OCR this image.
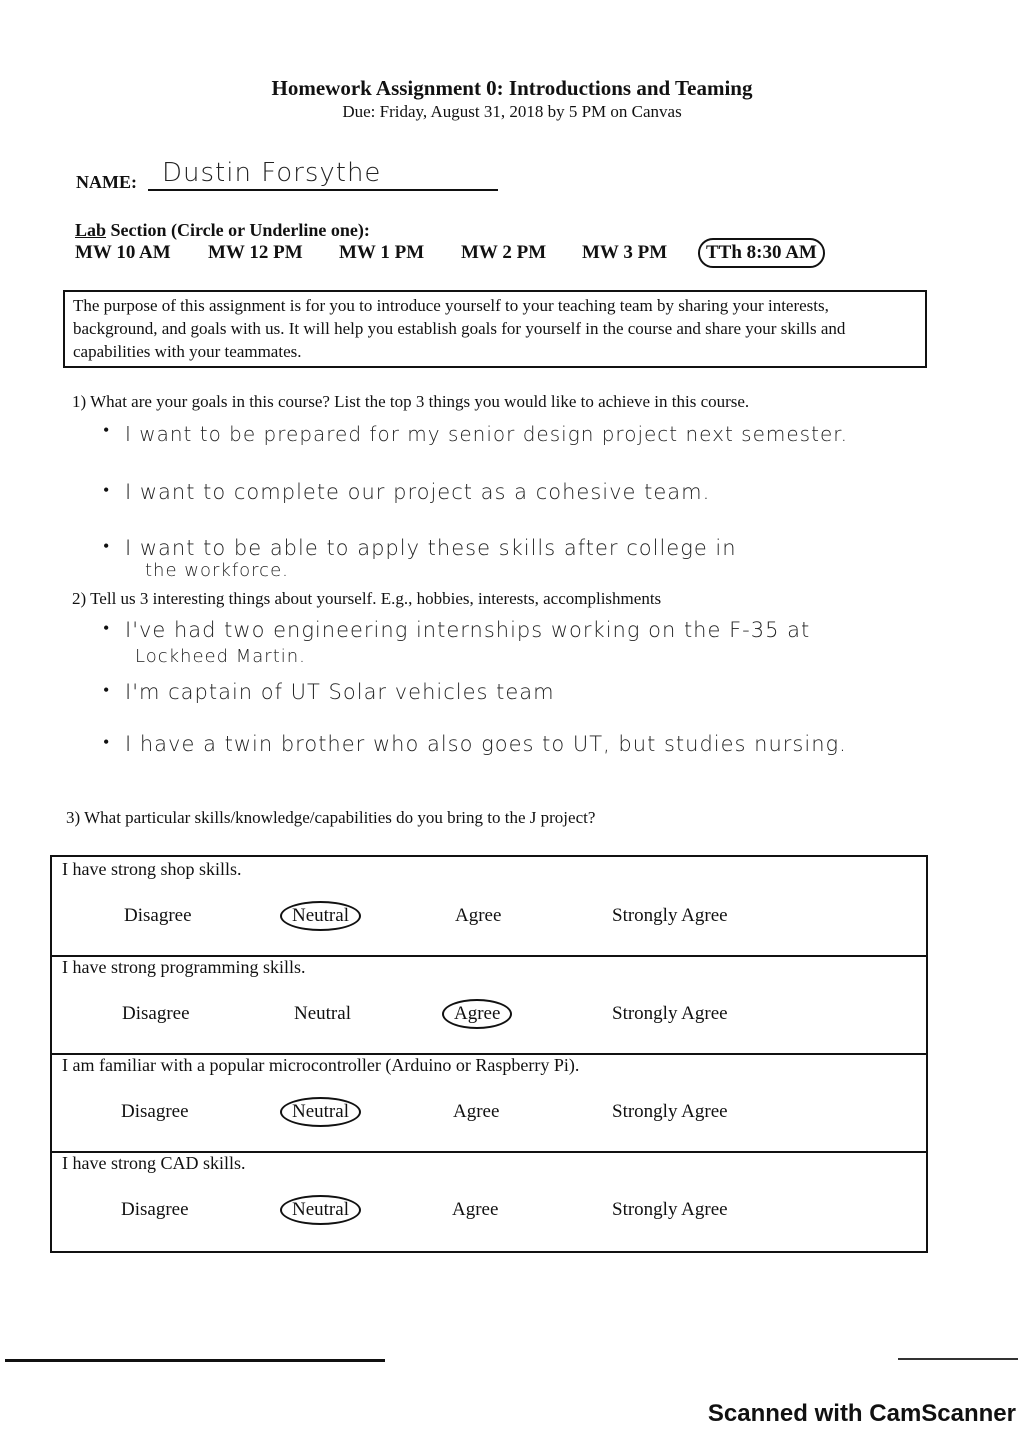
Homework Assignment 0: Introductions and Teaming
Due: Friday, August 31, 2018 by 5 PM on Canvas
NAME: Dustin Forsythe
Lab Section (Circle or Underline one):
MW 10 AM MW 12 PM MW 1 PM MW 2 PM MW 3 PM	TTh 8:30 AM
The purpose of this assignment is for you to introduce yourself to your teaching team by sharing your interests, background, and goals with us. It will help you establish goals for yourself in the course and share your skills and capabilities with your teammates.
1) What are your goals in this course? List the top 3 things you would like to achieve in this course.
• I want to be prepared for my senior design project next semester.
• I want to complete our project as a cohesive team.
• I want to be able to apply these skills after college in
the workforce.
2) Tell us 3 interesting things about yourself. E.g., hobbies, interests, accomplishments
• I've had two engineering internships working on the F-35 at
Lockheed Martin.
• I'm captain of UT Solar vehicles team
• I have a twin brother who also goes to UT, but studies nursing.
3) What particular skills/knowledge/capabilities do you bring to the J project?
I have strong shop skills.
Disagree	Neutral	Agree	Strongly Agree
I have strong programming skills.
Disagree	Neutral	Agree	Strongly Agree
I am familiar with a popular microcontroller (Arduino or Raspberry Pi).
Disagree	Neutral	Agree	Strongly Agree
I have strong CAD skills.
Disagree	Neutral	Agree	Strongly Agree
Scanned with CamScanner
